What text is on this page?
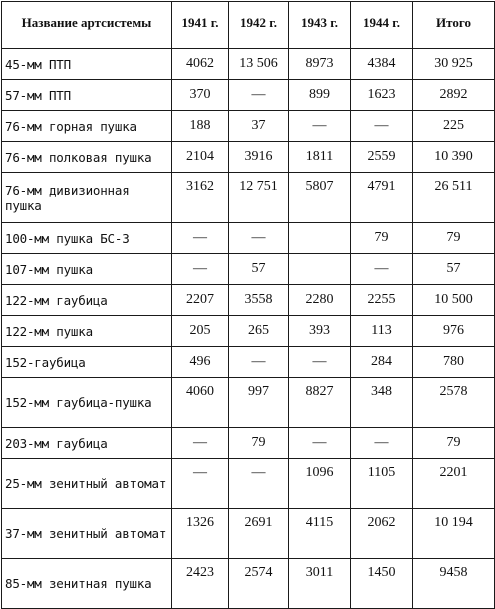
Название артсистемы	1941 г.	1942 г.	1943 г.	1944 г.	Итого
45-мм ПТП	4062	13 506	8973	4384	30 925
57-мм ПТП	370	—	899	1623	2892
76-мм горная пушка	188	37	—	—	225
76-мм полковая пушка	2104	3916	1811	2559	10 390
76-мм дивизионная пушка	3162	12 751	5807	4791	26 511
100-мм пушка БС-3	—	—		79	79
107-мм пушка	—	57		—	57
122-мм гаубица	2207	3558	2280	2255	10 500
122-мм пушка	205	265	393	113	976
152-гаубица	496	—	—	284	780
152-мм гаубица-пушка	4060	997	8827	348	2578
203-мм гаубица	—	79	—	—	79
25-мм зенитный автомат	—	—	1096	1105	2201
37-мм зенитный автомат	1326	2691	4115	2062	10 194
85-мм зенитная пушка	2423	2574	3011	1450	9458
